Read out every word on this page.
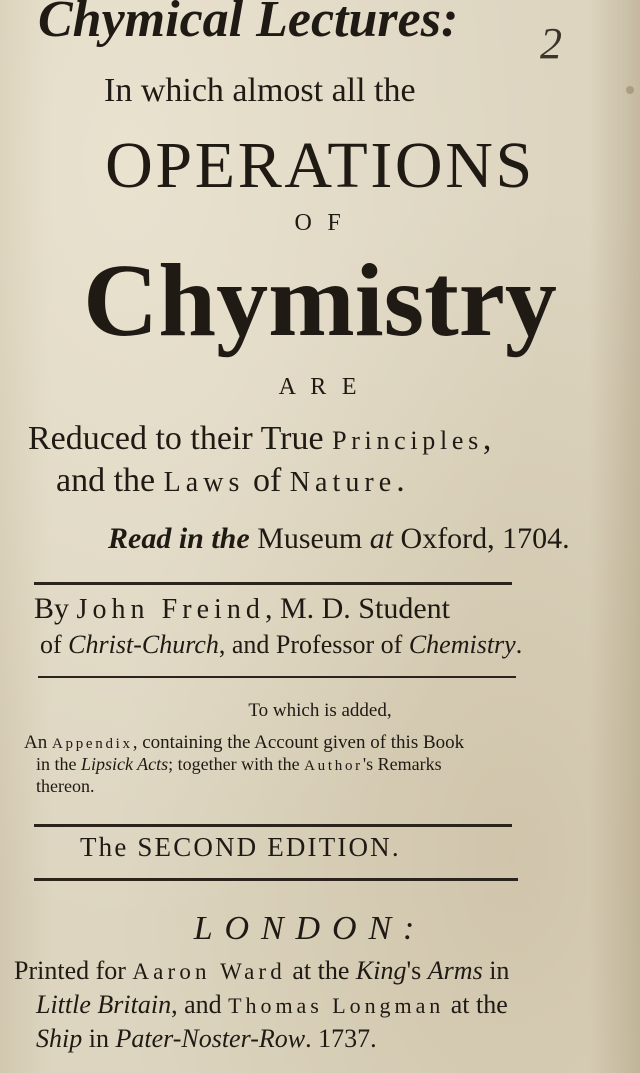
2
Chymical Lectures:
In which almost all the
OPERATIONS
O F
Chymistry
A R E
Reduced to their True Principles,
and the Laws of Nature.
Read in the Museum at Oxford, 1704.
By John Freind, M. D. Student
of Christ-Church, and Professor of Chemistry.
To which is added,
An Appendix, containing the Account given of this Book
in the Lipsick Acts; together with the Author's Remarks
thereon.
The SECOND EDITION.
LONDON:
Printed for Aaron Ward at the King's Arms in
Little Britain, and Thomas Longman at the
Ship in Pater-Noster-Row. 1737.
